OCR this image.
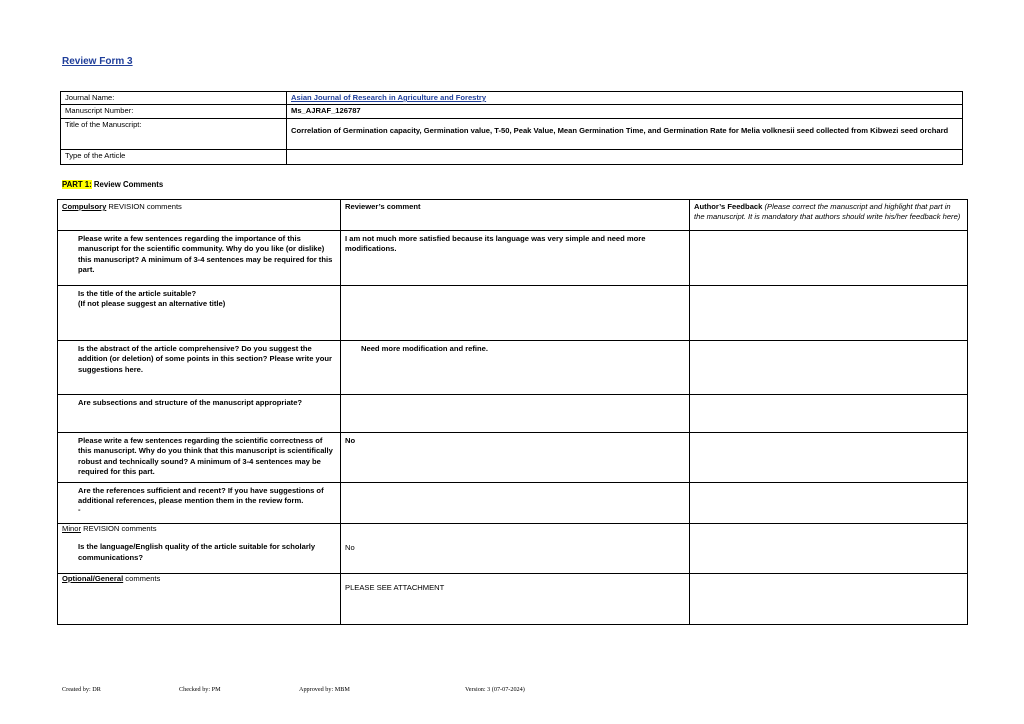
Review Form 3
Journal Name:	Asian Journal of Research in Agriculture and Forestry
Manuscript Number:	Ms_AJRAF_126787
Title of the Manuscript:	Correlation of Germination capacity, Germination value, T-50, Peak Value, Mean Germination Time, and Germination Rate for Melia volknesii seed collected from Kibwezi seed orchard
Type of the Article	
PART 1: Review Comments
Compulsory REVISION comments	Reviewer’s comment	Author’s Feedback (Please correct the manuscript and highlight that part in the manuscript. It is mandatory that authors should write his/her feedback here)
Please write a few sentences regarding the importance of this manuscript for the scientific community. Why do you like (or dislike) this manuscript? A minimum of 3-4 sentences may be required for this part.	I am not much more satisfied because its language was very simple and need more modifications.	
Is the title of the article suitable?
(If not please suggest an alternative title)		
Is the abstract of the article comprehensive? Do you suggest the addition (or deletion) of some points in this section? Please write your suggestions here.	Need more modification and refine.	
Are subsections and structure of the manuscript appropriate?		
Please write a few sentences regarding the scientific correctness of this manuscript. Why do you think that this manuscript is scientifically robust and technically sound? A minimum of 3-4 sentences may be required for this part.	No	
Are the references sufficient and recent? If you have suggestions of additional references, please mention them in the review form.
-		

Minor REVISION comments
Is the language/English quality of the article suitable for scholarly communications?	No	
Optional/General comments	PLEASE SEE ATTACHMENT	
Created by: DR	Checked by: PM	Approved by: MBM	Version: 3 (07-07-2024)
